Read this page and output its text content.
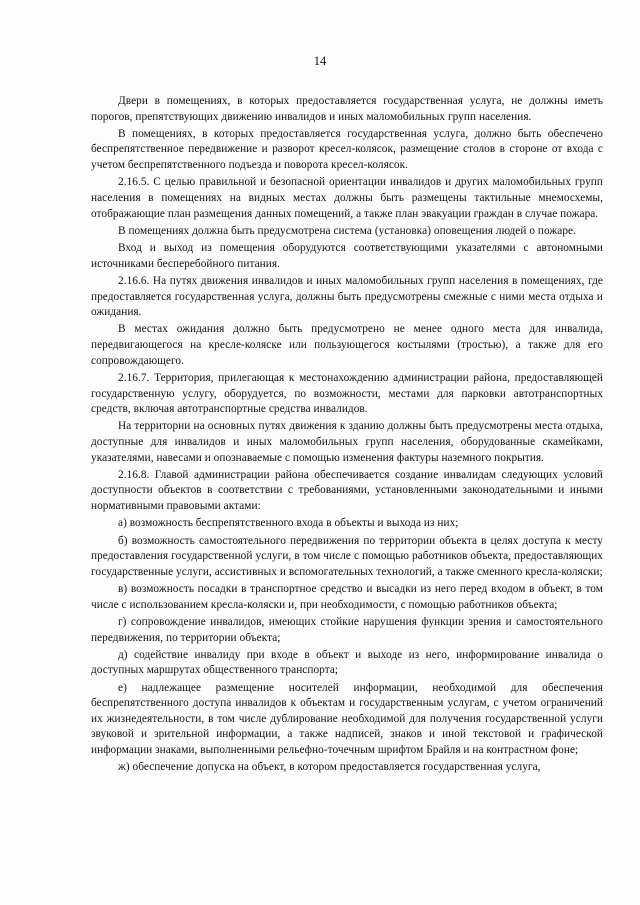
14

Двери в помещениях, в которых предоставляется государственная услуга, не должны иметь порогов, препятствующих движению инвалидов и иных маломобильных групп населения.

В помещениях, в которых предоставляется государственная услуга, должно быть обеспечено беспрепятственное передвижение и разворот кресел-колясок, размещение столов в стороне от входа с учетом беспрепятственного подъезда и поворота кресел-колясок.

2.16.5. С целью правильной и безопасной ориентации инвалидов и других маломобильных групп населения в помещениях на видных местах должны быть размещены тактильные мнемосхемы, отображающие план размещения данных помещений, а также план эвакуации граждан в случае пожара.

В помещениях должна быть предусмотрена система (установка) оповещения людей о пожаре.

Вход и выход из помещения оборудуются соответствующими указателями с автономными источниками бесперебойного питания.

2.16.6. На путях движения инвалидов и иных маломобильных групп населения в помещениях, где предоставляется государственная услуга, должны быть предусмотрены смежные с ними места отдыха и ожидания.

В местах ожидания должно быть предусмотрено не менее одного места для инвалида, передвигающегося на кресле-коляске или пользующегося костылями (тростью), а также для его сопровождающего.

2.16.7. Территория, прилегающая к местонахождению администрации района, предоставляющей государственную услугу, оборудуется, по возможности, местами для парковки автотранспортных средств, включая автотранспортные средства инвалидов.

На территории на основных путях движения к зданию должны быть предусмотрены места отдыха, доступные для инвалидов и иных маломобильных групп населения, оборудованные скамейками, указателями, навесами и опознаваемые с помощью изменения фактуры наземного покрытия.

2.16.8. Главой администрации района обеспечивается создание инвалидам следующих условий доступности объектов в соответствии с требованиями, установленными законодательными и иными нормативными правовыми актами:

а) возможность беспрепятственного входа в объекты и выхода из них;

б) возможность самостоятельного передвижения по территории объекта в целях доступа к месту предоставления государственной услуги, в том числе с помощью работников объекта, предоставляющих государственные услуги, ассистивных и вспомогательных технологий, а также сменного кресла-коляски;

в) возможность посадки в транспортное средство и высадки из него перед входом в объект, в том числе с использованием кресла-коляски и, при необходимости, с помощью работников объекта;

г) сопровождение инвалидов, имеющих стойкие нарушения функции зрения и самостоятельного передвижения, по территории объекта;

д) содействие инвалиду при входе в объект и выходе из него, информирование инвалида о доступных маршрутах общественного транспорта;

е) надлежащее размещение носителей информации, необходимой для обеспечения беспрепятственного доступа инвалидов к объектам и государственным услугам, с учетом ограничений их жизнедеятельности, в том числе дублирование необходимой для получения государственной услуги звуковой и зрительной информации, а также надписей, знаков и иной текстовой и графической информации знаками, выполненными рельефно-точечным шрифтом Брайля и на контрастном фоне;

ж) обеспечение допуска на объект, в котором предоставляется государственная услуга,
